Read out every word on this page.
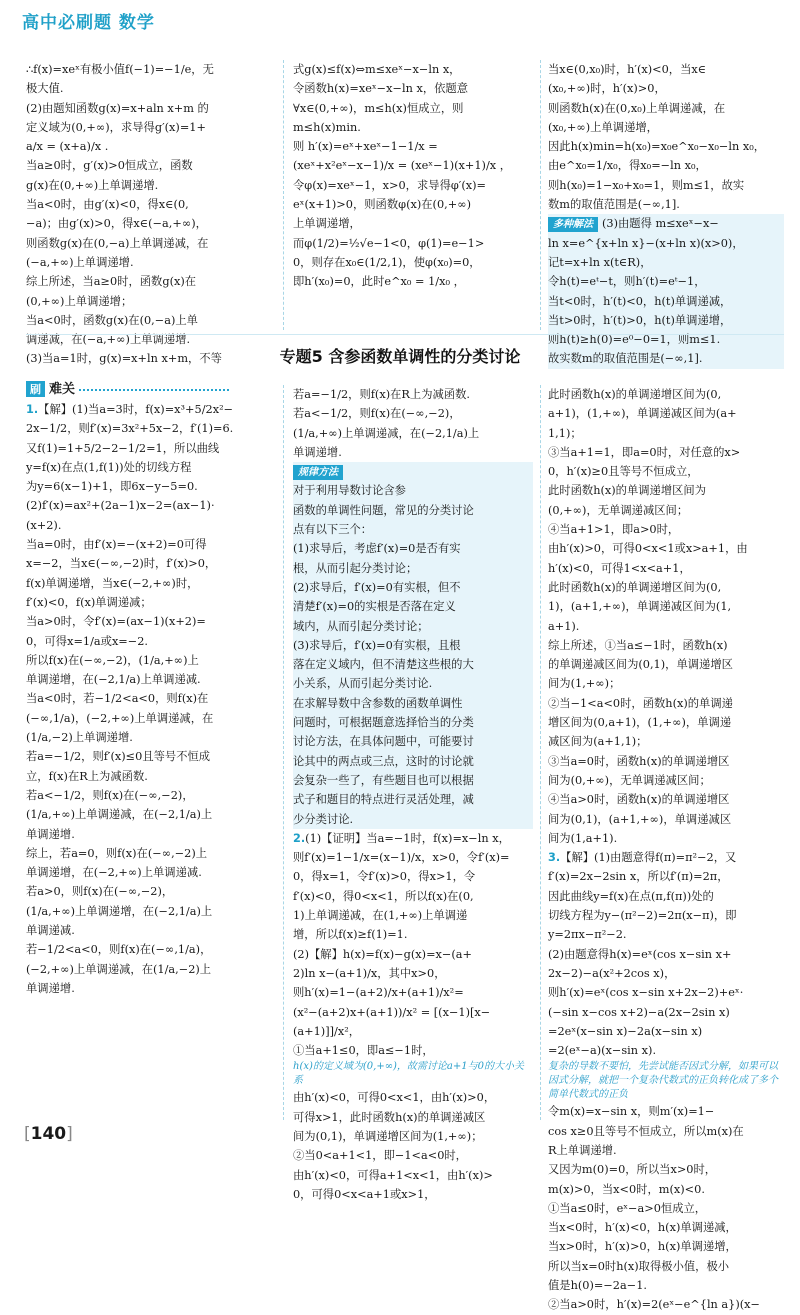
高中必刷题 数学

∴f(x)=xeˣ有极小值f(−1)=−1/e，无

极大值.

(2)由题知函数g(x)=x+aln x+m 的

定义域为(0,+∞)，求导得g′(x)=1+

a/x = (x+a)/x .

当a≥0时，g′(x)>0恒成立，函数

g(x)在(0,+∞)上单调递增.

当a<0时，由g′(x)<0，得x∈(0,

−a)；由g′(x)>0，得x∈(−a,+∞)，

则函数g(x)在(0,−a)上单调递减，在

(−a,+∞)上单调递增.

综上所述，当a≥0时，函数g(x)在

(0,+∞)上单调递增；

当a<0时，函数g(x)在(0,−a)上单

调递减，在(−a,+∞)上单调递增.

(3)当a=1时，g(x)=x+ln x+m，不等

式g(x)≤f(x)⇔m≤xeˣ−x−ln x，

令函数h(x)=xeˣ−x−ln x，依题意

∀x∈(0,+∞)，m≤h(x)恒成立，则

m≤h(x)min.

则 h′(x)=eˣ+xeˣ−1−1/x =

(xeˣ+x²eˣ−x−1)/x = (xeˣ−1)(x+1)/x ，

令φ(x)=xeˣ−1，x>0，求导得φ′(x)=

eˣ(x+1)>0，则函数φ(x)在(0,+∞)

上单调递增，

而φ(1/2)=½√e−1<0，φ(1)=e−1>

0，则存在x₀∈(1/2,1)，使φ(x₀)=0，

即h′(x₀)=0，此时e^x₀ = 1/x₀ ，

当x∈(0,x₀)时，h′(x)<0，当x∈

(x₀,+∞)时，h′(x)>0，

则函数h(x)在(0,x₀)上单调递减，在

(x₀,+∞)上单调递增，

因此h(x)min=h(x₀)=x₀e^x₀−x₀−ln x₀，

由e^x₀=1/x₀，得x₀=−ln x₀，

则h(x₀)=1−x₀+x₀=1，则m≤1，故实

数m的取值范围是(−∞,1].

多种解法 (3)由题得 m≤xeˣ−x−

ln x=e^{x+ln x}−(x+ln x)(x>0)，

记t=x+ln x(t∈R)，

令h(t)=eᵗ−t，则h′(t)=eᵗ−1，

当t<0时，h′(t)<0，h(t)单调递减，

当t>0时，h′(t)>0，h(t)单调递增，

则h(t)≥h(0)=e⁰−0=1，则m≤1.

故实数m的取值范围是(−∞,1].

专题5 含参函数单调性的分类讨论
刷 难关

1.【解】(1)当a=3时，f(x)=x³+5/2x²−

2x−1/2，则f′(x)=3x²+5x−2，f′(1)=6.

又f(1)=1+5/2−2−1/2=1，所以曲线

y=f(x)在点(1,f(1))处的切线方程

为y=6(x−1)+1，即6x−y−5=0.

(2)f′(x)=ax²+(2a−1)x−2=(ax−1)·

(x+2).

当a=0时，由f′(x)=−(x+2)=0可得

x=−2，当x∈(−∞,−2)时，f′(x)>0，

f(x)单调递增，当x∈(−2,+∞)时，

f′(x)<0，f(x)单调递减；

当a>0时，令f′(x)=(ax−1)(x+2)=

0，可得x=1/a或x=−2.

所以f(x)在(−∞,−2)，(1/a,+∞)上

单调递增，在(−2,1/a)上单调递减.

当a<0时，若−1/2<a<0，则f(x)在

(−∞,1/a)，(−2,+∞)上单调递减，在

(1/a,−2)上单调递增.

若a=−1/2，则f′(x)≤0且等号不恒成

立，f(x)在R上为减函数.

若a<−1/2，则f(x)在(−∞,−2)，

(1/a,+∞)上单调递减，在(−2,1/a)上

单调递增.

综上，若a=0，则f(x)在(−∞,−2)上

单调递增，在(−2,+∞)上单调递减.

若a>0，则f(x)在(−∞,−2)，

(1/a,+∞)上单调递增，在(−2,1/a)上

单调递减.

若−1/2<a<0，则f(x)在(−∞,1/a)，

(−2,+∞)上单调递减，在(1/a,−2)上

单调递增.

若a=−1/2，则f(x)在R上为减函数.

若a<−1/2，则f(x)在(−∞,−2)，

(1/a,+∞)上单调递减，在(−2,1/a)上

单调递增.

规律方法

对于利用导数讨论含参

函数的单调性问题，常见的分类讨论

点有以下三个：

(1)求导后，考虑f′(x)=0是否有实

根，从而引起分类讨论；

(2)求导后，f′(x)=0有实根，但不

清楚f′(x)=0的实根是否落在定义

域内，从而引起分类讨论；

(3)求导后，f′(x)=0有实根，且根

落在定义域内，但不清楚这些根的大

小关系，从而引起分类讨论.

在求解导数中含参数的函数单调性

问题时，可根据题意选择恰当的分类

讨论方法，在具体问题中，可能要讨

论其中的两点或三点，这时的讨论就

会复杂一些了，有些题目也可以根据

式子和题目的特点进行灵活处理，减

少分类讨论.

2.(1)【证明】当a=−1时，f(x)=x−ln x，

则f′(x)=1−1/x=(x−1)/x，x>0，令f′(x)=

0，得x=1，令f′(x)>0，得x>1，令

f′(x)<0，得0<x<1，所以f(x)在(0,

1)上单调递减，在(1,+∞)上单调递

增，所以f(x)≥f(1)=1.

(2)【解】h(x)=f(x)−g(x)=x−(a+

2)ln x−(a+1)/x，其中x>0，

则h′(x)=1−(a+2)/x+(a+1)/x²=

(x²−(a+2)x+(a+1))/x² = [(x−1)[x−(a+1)]]/x²，

①当a+1≤0，即a≤−1时，

h(x)的定义域为(0,+∞)，故需讨论a+1与0的大小关系

由h′(x)<0，可得0<x<1，由h′(x)>0，

可得x>1，此时函数h(x)的单调递减区

间为(0,1)，单调递增区间为(1,+∞)；

②当0<a+1<1，即−1<a<0时，

由h′(x)<0，可得a+1<x<1，由h′(x)>

0，可得0<x<a+1或x>1，

此时函数h(x)的单调递增区间为(0,

a+1)，(1,+∞)，单调递减区间为(a+

1,1)；

③当a+1=1，即a=0时，对任意的x>

0，h′(x)≥0且等号不恒成立，

此时函数h(x)的单调递增区间为

(0,+∞)，无单调递减区间；

④当a+1>1，即a>0时，

由h′(x)>0，可得0<x<1或x>a+1，由

h′(x)<0，可得1<x<a+1，

此时函数h(x)的单调递增区间为(0,

1)，(a+1,+∞)，单调递减区间为(1,

a+1).

综上所述，①当a≤−1时，函数h(x)

的单调递减区间为(0,1)，单调递增区

间为(1,+∞)；

②当−1<a<0时，函数h(x)的单调递

增区间为(0,a+1)，(1,+∞)，单调递

减区间为(a+1,1)；

③当a=0时，函数h(x)的单调递增区

间为(0,+∞)，无单调递减区间；

④当a>0时，函数h(x)的单调递增区

间为(0,1)，(a+1,+∞)，单调递减区

间为(1,a+1).

3.【解】(1)由题意得f(π)=π²−2，又

f′(x)=2x−2sin x，所以f′(π)=2π，

因此曲线y=f(x)在点(π,f(π))处的

切线方程为y−(π²−2)=2π(x−π)，即

y=2πx−π²−2.

(2)由题意得h(x)=eˣ(cos x−sin x+

2x−2)−a(x²+2cos x)，

则h′(x)=eˣ(cos x−sin x+2x−2)+eˣ·

(−sin x−cos x+2)−a(2x−2sin x)

=2eˣ(x−sin x)−2a(x−sin x)

=2(eˣ−a)(x−sin x).

复杂的导数不要怕，先尝试能否因式分解，如果可以因式分解，就把一个复杂代数式的正负转化成了多个简单代数式的正负

令m(x)=x−sin x，则m′(x)=1−

cos x≥0且等号不恒成立，所以m(x)在

R上单调递增.

又因为m(0)=0，所以当x>0时，

m(x)>0，当x<0时，m(x)<0.

①当a≤0时，eˣ−a>0恒成立，

当x<0时，h′(x)<0，h(x)单调递减，

当x>0时，h′(x)>0，h(x)单调递增，

所以当x=0时h(x)取得极小值，极小

值是h(0)=−2a−1.

②当a>0时，h′(x)=2(eˣ−e^{ln a})(x−

[140]
